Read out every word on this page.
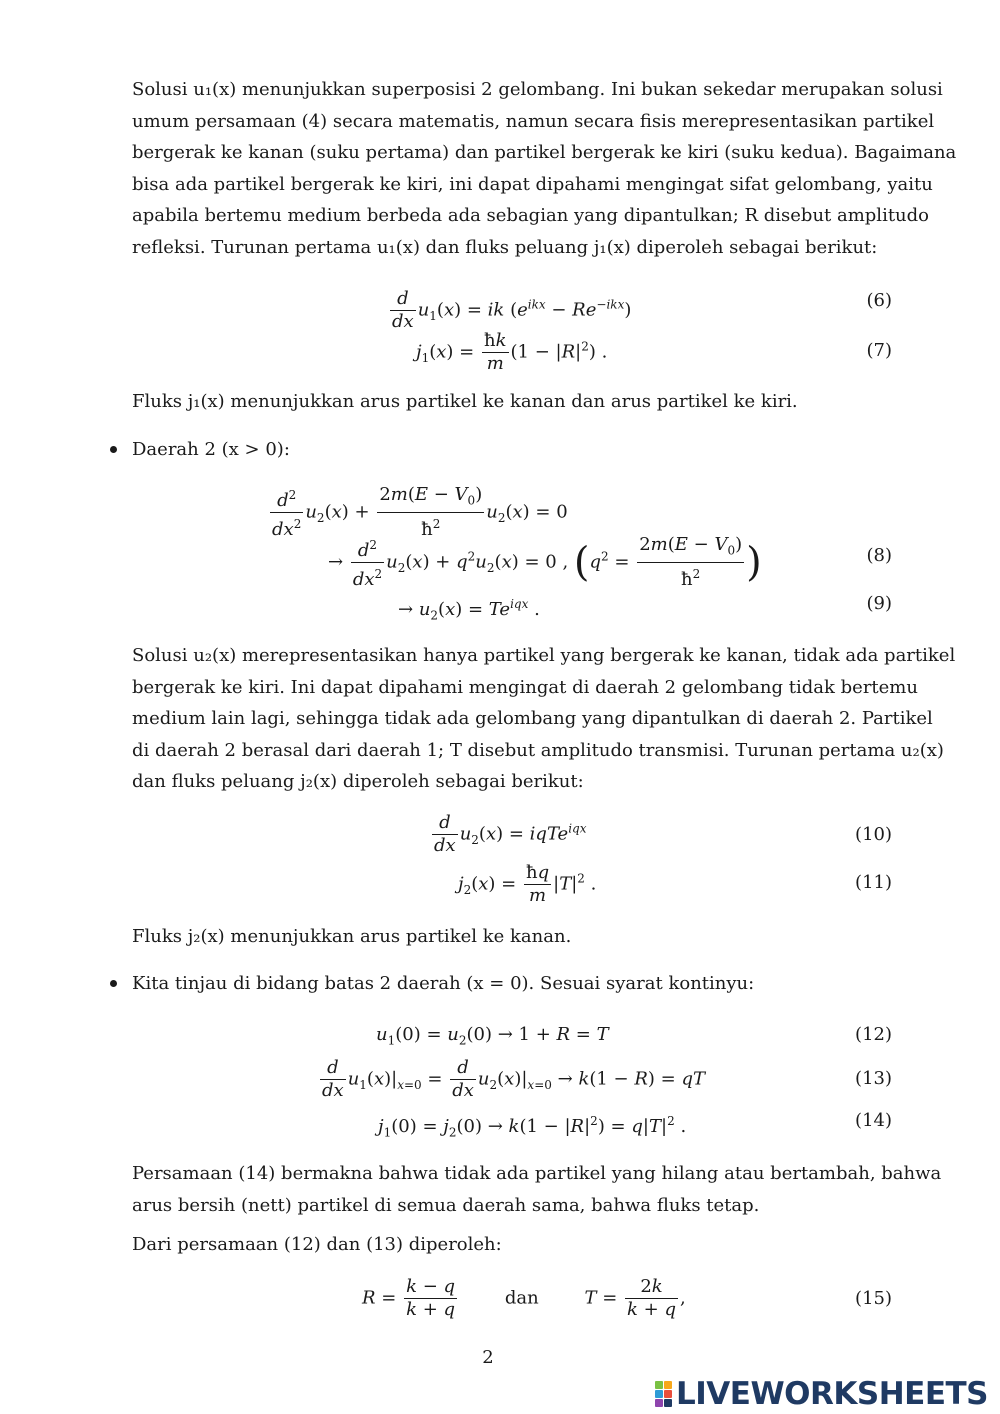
Solusi u₁(x) menunjukkan superposisi 2 gelombang. Ini bukan sekedar merupakan solusi
umum persamaan (4) secara matematis, namun secara fisis merepresentasikan partikel
bergerak ke kanan (suku pertama) dan partikel bergerak ke kiri (suku kedua). Bagaimana
bisa ada partikel bergerak ke kiri, ini dapat dipahami mengingat sifat gelombang, yaitu
apabila bertemu medium berbeda ada sebagian yang dipantulkan; R disebut amplitudo
refleksi. Turunan pertama u₁(x) dan fluks peluang j₁(x) diperoleh sebagai berikut:
$\frac{d}{dx} u_1(x)$ = ik $(e^{ikx} - Re^{-ikx})$	(6)
$j_1(x) = \frac{ħk}{m} (1 - |R|^2)$ .	(7)
Fluks j₁(x) menunjukkan arus partikel ke kanan dan arus partikel ke kiri.
Daerah 2 (x > 0):
$\frac{d^2}{dx^2} u_2(x) + \frac{2m(E - V_0)}{ħ^2} u_2(x) = 0$
→ $\frac{d^2}{dx^2} u_2(x) + q^2u_2(x) = 0$ , ($q^2 = \frac{2m(E - V_0)}{ħ^2}$ )	(8)
→ $u_2(x) = Te^{iqx}$ .	(9)
Solusi u₂(x) merepresentasikan hanya partikel yang bergerak ke kanan, tidak ada partikel
bergerak ke kiri. Ini dapat dipahami mengingat di daerah 2 gelombang tidak bertemu
medium lain lagi, sehingga tidak ada gelombang yang dipantulkan di daerah 2. Partikel
di daerah 2 berasal dari daerah 1; T disebut amplitudo transmisi. Turunan pertama u₂(x)
dan fluks peluang j₂(x) diperoleh sebagai berikut:
$\frac{d}{dx} u_2(x)$ = iqTe$^{iqx}$	(10)
$j_2(x) = \frac{ħq}{m} |T|^2$ .	(11)
Fluks j₂(x) menunjukkan arus partikel ke kanan.
Kita tinjau di bidang batas 2 daerah (x = 0). Sesuai syarat kontinyu:
$u_1(0) = u_2(0) \to 1 + R = T$	(12)
$\frac{d}{dx} u_1(x)|_{x=0} = \frac{d}{dx} u_2(x)|_{x=0} \to k(1 - R)$ = qT	(13)
$j_1(0) = j_2(0) \to k(1 - |R|^2) = q|T|^2$ .	(14)
Persamaan (14) bermakna bahwa tidak ada partikel yang hilang atau bertambah, bahwa
arus bersih (nett) partikel di semua daerah sama, bahwa fluks tetap.
Dari persamaan (12) dan (13) diperoleh:
$R = \frac{k - q}{k + q}$ dan        $T = \frac{2k}{k + q}$ ,	(15)
2
LIVEWORKSHEETS
